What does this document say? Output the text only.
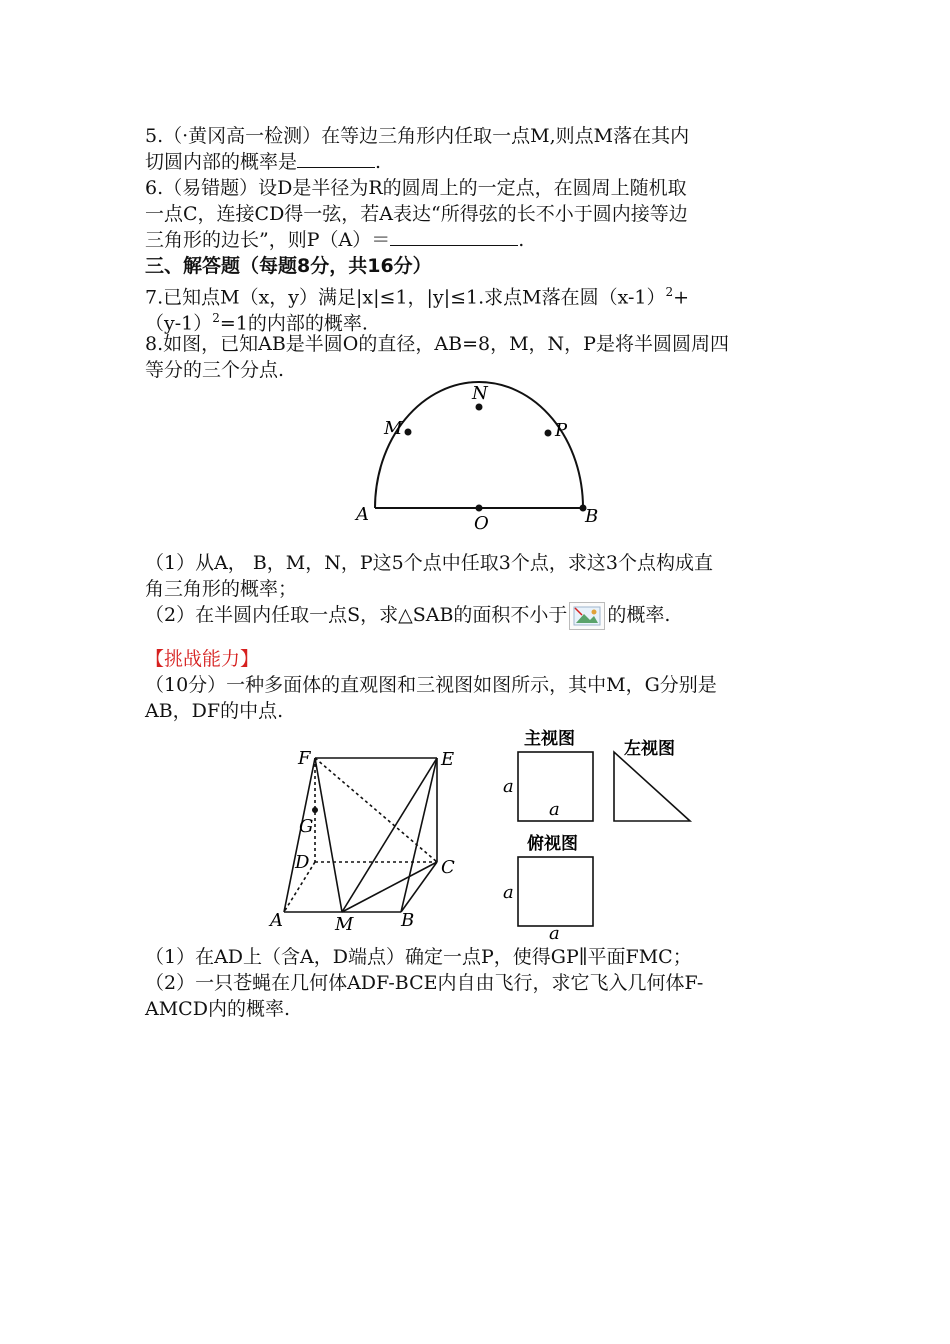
5.（·黄冈高一检测）在等边三角形内任取一点M,则点M落在其内
切圆内部的概率是	.
6.（易错题）设D是半径为R的圆周上的一定点，在圆周上随机取
一点C，连接CD得一弦，若A表达“所得弦的长不小于圆内接等边
三角形的边长”，则P（A）＝	.
三、解答题（每题8分，共16分）
7.已知点M（x，y）满足|x|≤1，|y|≤1.求点M落在圆$(x-1)^2+$
$(y-1)^2=1$的内部的概率.
8.如图，已知AB是半圆O的直径，AB=8，M，N，P是将半圆圆周四
等分的三个分点.
A	B
O
N
M	P
F	E
G
D	C
A	M	B
主视图	左视图
俯视图
a
a
a
a
（1）从A， B，M，N，P这5个点中任取3个点，求这3个点构成直
角三角形的概率；
（2）在半圆内任取一点S，求△SAB的面积不小于 的概率.
【挑战能力】
（10分）一种多面体的直观图和三视图如图所示，其中M，G分别是
AB，DF的中点.
（1）在AD上（含A，D端点）确定一点P，使得GP∥平面FMC；
（2）一只苍蝇在几何体ADF-BCE内自由飞行，求它飞入几何体F-
AMCD内的概率.
